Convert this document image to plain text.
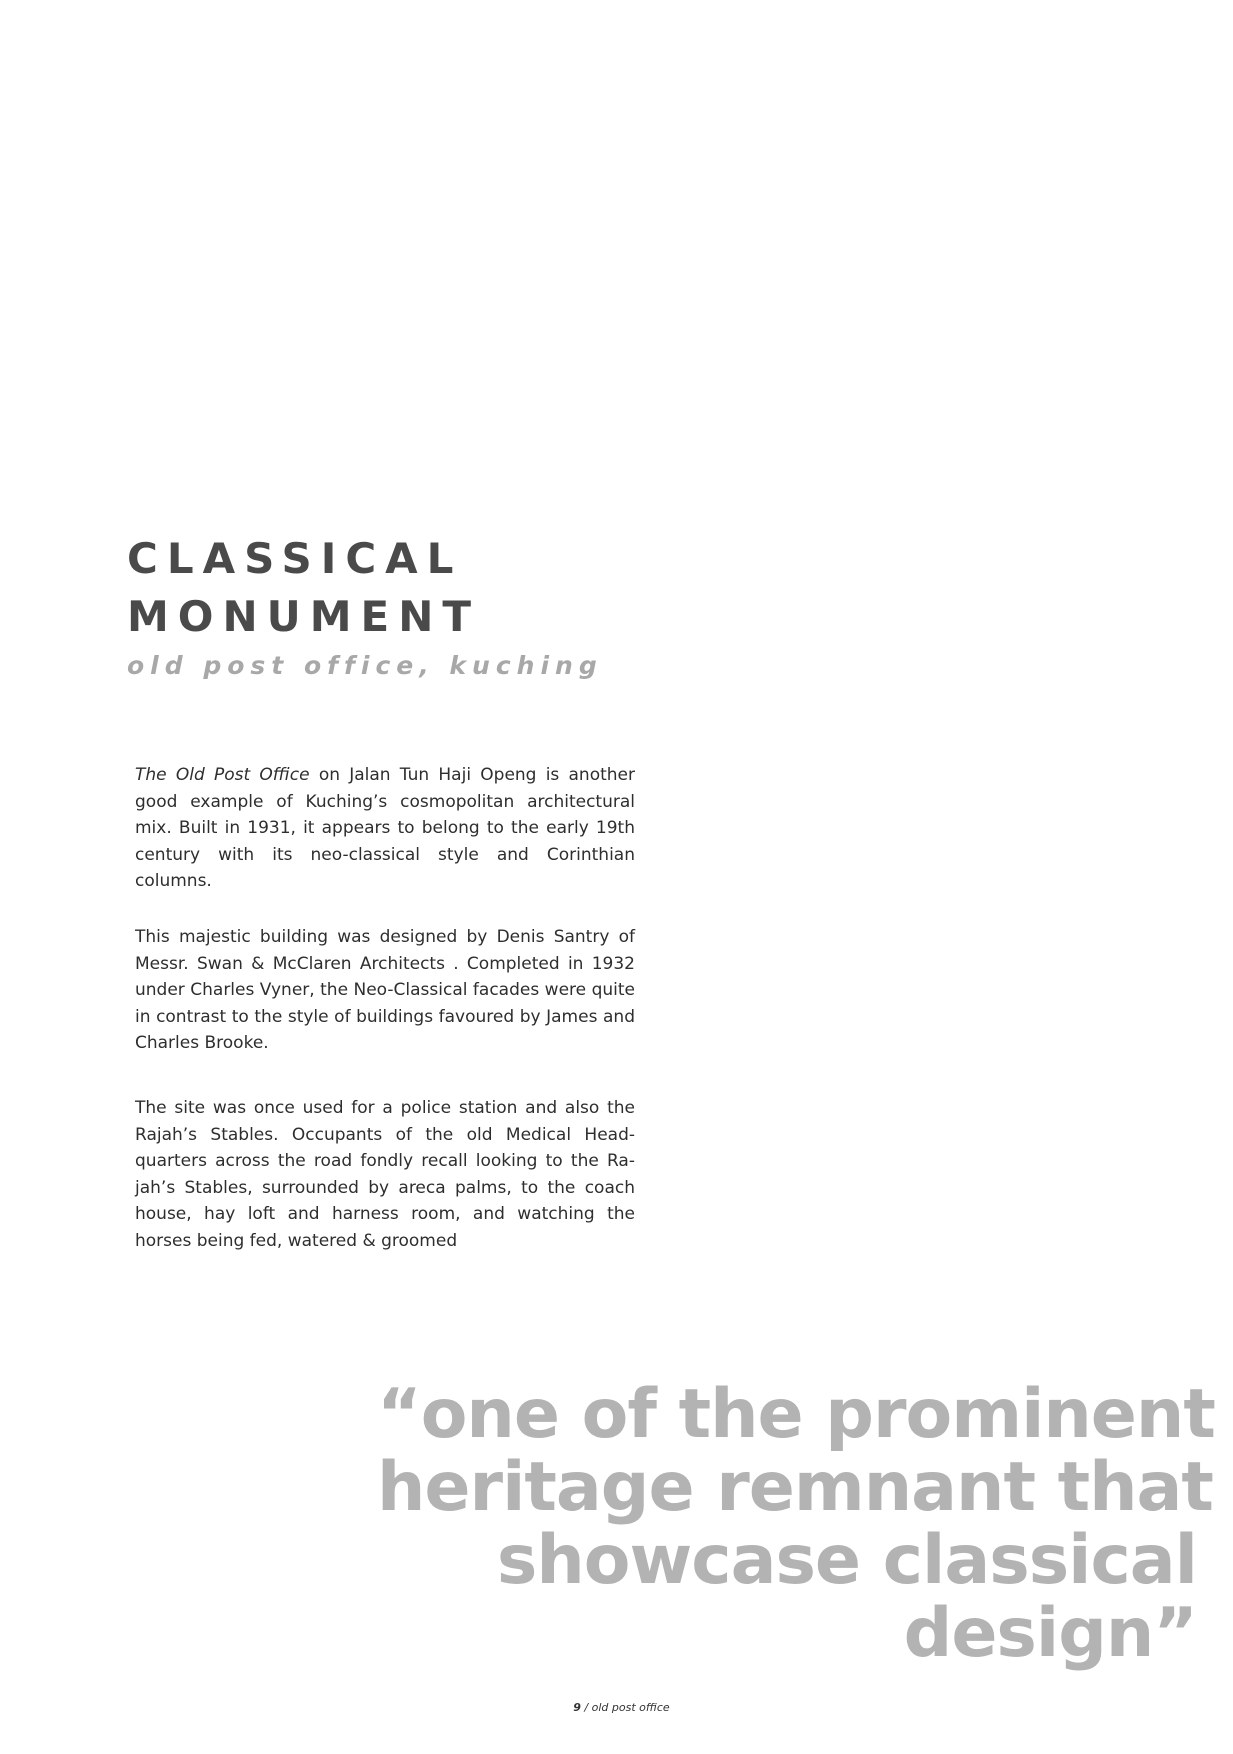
CLASSICAL
MONUMENT
old post office, kuching

The Old Post Office on Jalan Tun Haji Openg is another good example of Kuching’s cosmopolitan architectural mix. Built in 1931, it appears to belong to the early 19th century with its neo-classical style and Corinthian columns.

This majestic building was designed by Denis Santry of Messr. Swan & McClaren Architects . Completed in 1932 under Charles Vyner, the Neo-Classical facades were quite in contrast to the style of buildings favoured by James and Charles Brooke.

The site was once used for a police station and also the Rajah’s Stables. Occupants of the old Medical Head-quarters across the road fondly recall looking to the Ra-jah’s Stables, surrounded by areca palms, to the coach house, hay loft and harness room, and watching the horses being fed, watered & groomed

“one of the prominent
heritage remnant that
showcase classical
design”
9 / old post office
